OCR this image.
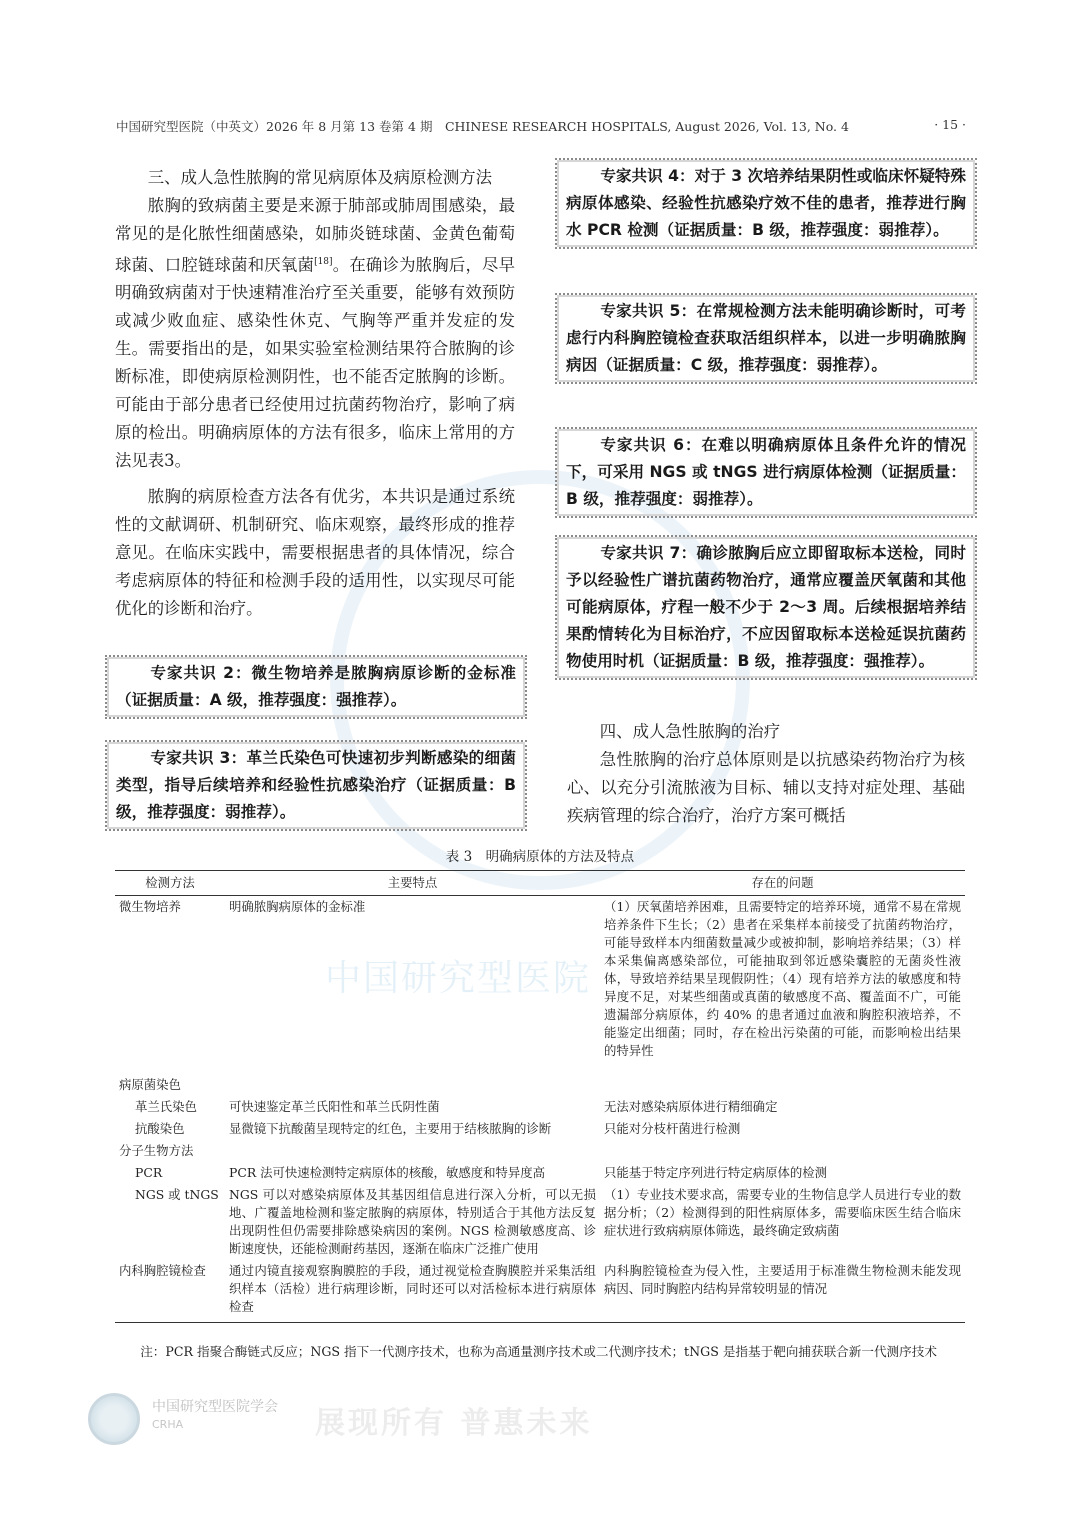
中国研究型医院
中国研究型医院（中英文）2026 年 8 月第 13 卷第 4 期　CHINESE RESEARCH HOSPITALS, August 2026, Vol. 13, No. 4	· 15 ·

三、成人急性脓胸的常见病原体及病原检测方法

脓胸的致病菌主要是来源于肺部或肺周围感染，最常见的是化脓性细菌感染，如肺炎链球菌、金黄色葡萄球菌、口腔链球菌和厌氧菌[18]。在确诊为脓胸后，尽早明确致病菌对于快速精准治疗至关重要，能够有效预防或减少败血症、感染性休克、气胸等严重并发症的发生。需要指出的是，如果实验室检测结果符合脓胸的诊断标准，即使病原检测阴性，也不能否定脓胸的诊断。可能由于部分患者已经使用过抗菌药物治疗，影响了病原的检出。明确病原体的方法有很多，临床上常用的方法见表3。

脓胸的病原检查方法各有优劣，本共识是通过系统性的文献调研、机制研究、临床观察，最终形成的推荐意见。在临床实践中，需要根据患者的具体情况，综合考虑病原体的特征和检测手段的适用性，以实现尽可能优化的诊断和治疗。

专家共识 2：微生物培养是脓胸病原诊断的金标准（证据质量：A 级，推荐强度：强推荐）。

专家共识 3：革兰氏染色可快速初步判断感染的细菌类型，指导后续培养和经验性抗感染治疗（证据质量：B 级，推荐强度：弱推荐）。

专家共识 4：对于 3 次培养结果阴性或临床怀疑特殊病原体感染、经验性抗感染疗效不佳的患者，推荐进行胸水 PCR 检测（证据质量：B 级，推荐强度：弱推荐）。

专家共识 5：在常规检测方法未能明确诊断时，可考虑行内科胸腔镜检查获取活组织样本，以进一步明确脓胸病因（证据质量：C 级，推荐强度：弱推荐）。

专家共识 6：在难以明确病原体且条件允许的情况下，可采用 NGS 或 tNGS 进行病原体检测（证据质量：B 级，推荐强度：弱推荐）。

专家共识 7：确诊脓胸后应立即留取标本送检，同时予以经验性广谱抗菌药物治疗，通常应覆盖厌氧菌和其他可能病原体，疗程一般不少于 2～3 周。后续根据培养结果酌情转化为目标治疗，不应因留取标本送检延误抗菌药物使用时机（证据质量：B 级，推荐强度：强推荐）。

四、成人急性脓胸的治疗

急性脓胸的治疗总体原则是以抗感染药物治疗为核心、以充分引流脓液为目标、辅以支持对症处理、基础疾病管理的综合治疗，治疗方案可概括

表 3　明确病原体的方法及特点
检测方法	主要特点	存在的问题
微生物培养	明确脓胸病原体的金标准	（1）厌氧菌培养困难，且需要特定的培养环境，通常不易在常规培养条件下生长；（2）患者在采集样本前接受了抗菌药物治疗，可能导致样本内细菌数量减少或被抑制，影响培养结果；（3）样本采集偏离感染部位，可能抽取到邻近感染囊腔的无菌炎性液体，导致培养结果呈现假阴性；（4）现有培养方法的敏感度和特异度不足，对某些细菌或真菌的敏感度不高、覆盖面不广，可能遗漏部分病原体，约 40% 的患者通过血液和胸腔积液培养，不能鉴定出细菌；同时，存在检出污染菌的可能，而影响检出结果的特异性
病原菌染色		
革兰氏染色	可快速鉴定革兰氏阳性和革兰氏阴性菌	无法对感染病原体进行精细确定
抗酸染色	显微镜下抗酸菌呈现特定的红色，主要用于结核脓胸的诊断	只能对分枝杆菌进行检测
分子生物方法		
PCR	PCR 法可快速检测特定病原体的核酸，敏感度和特异度高	只能基于特定序列进行特定病原体的检测
NGS 或 tNGS	NGS 可以对感染病原体及其基因组信息进行深入分析，可以无损地、广覆盖地检测和鉴定脓胸的病原体，特别适合于其他方法反复出现阴性但仍需要排除感染病因的案例。NGS 检测敏感度高、诊断速度快，还能检测耐药基因，逐渐在临床广泛推广使用	（1）专业技术要求高，需要专业的生物信息学人员进行专业的数据分析；（2）检测得到的阳性病原体多，需要临床医生结合临床症状进行致病病原体筛选，最终确定致病菌
内科胸腔镜检查	通过内镜直接观察胸膜腔的手段，通过视觉检查胸膜腔并采集活组织样本（活检）进行病理诊断，同时还可以对活检标本进行病原体检查	内科胸腔镜检查为侵入性，主要适用于标准微生物检测未能发现病因、同时胸腔内结构异常较明显的情况
注：PCR 指聚合酶链式反应；NGS 指下一代测序技术，也称为高通量测序技术或二代测序技术；tNGS 是指基于靶向捕获联合新一代测序技术
中国研究型医院学会
CRHA	展现所有 普惠未来
